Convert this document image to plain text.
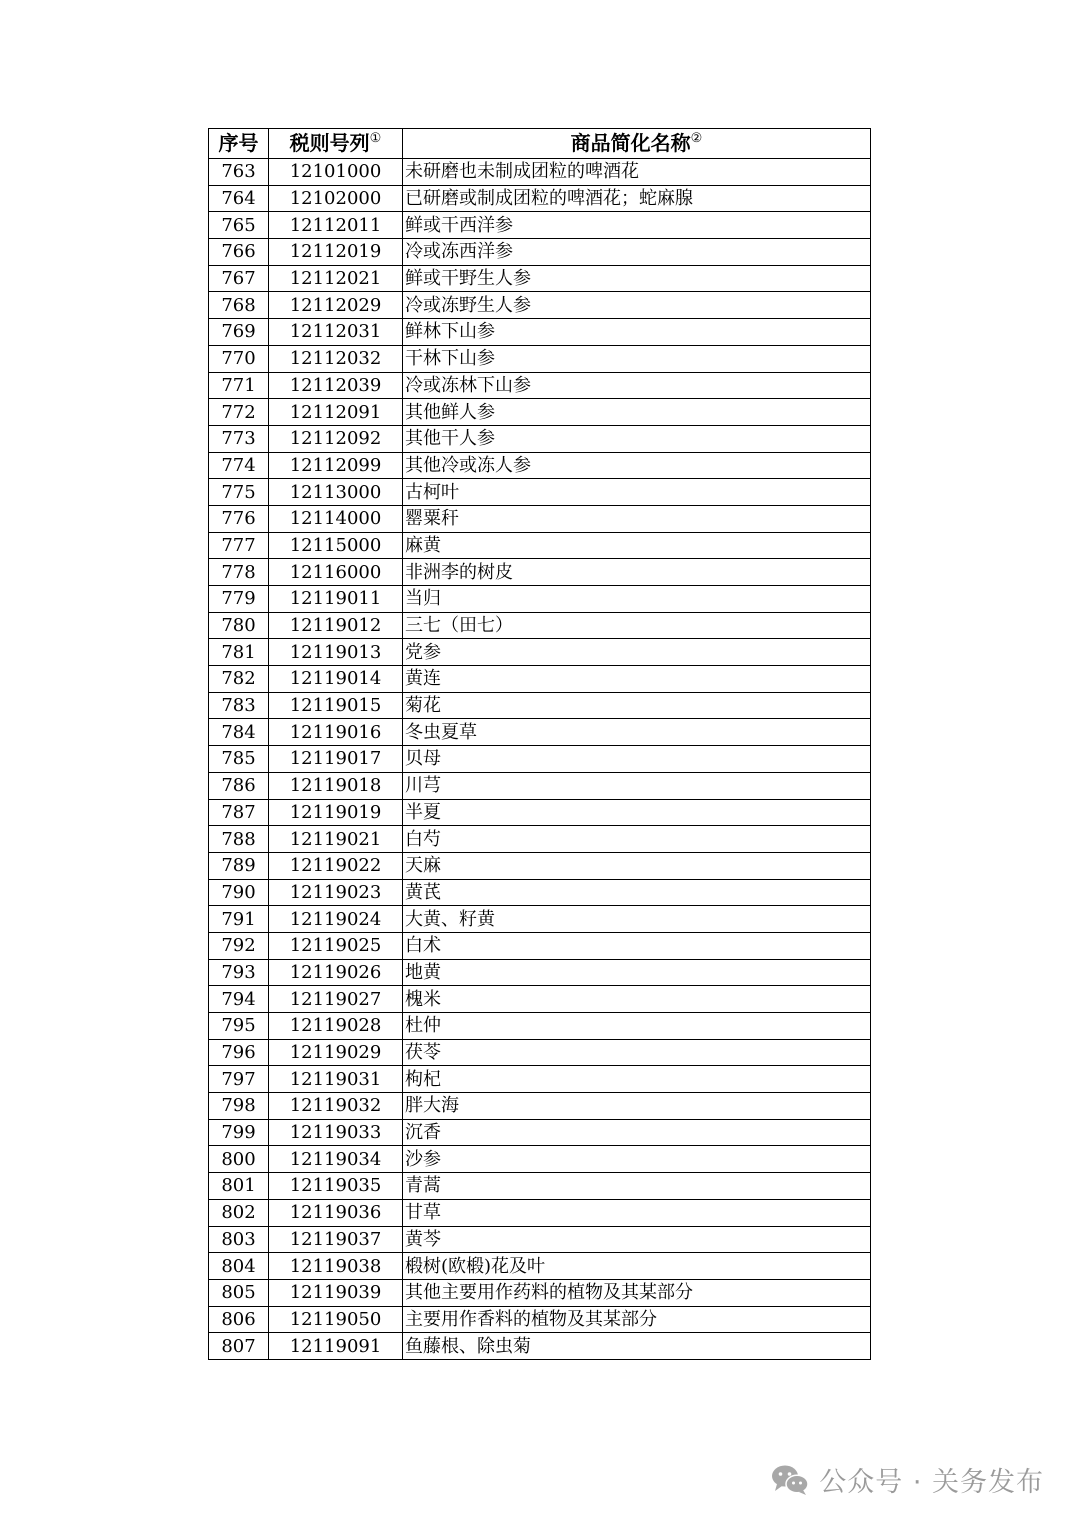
序号	税则号列①	商品简化名称②
763	12101000	未研磨也未制成团粒的啤酒花
764	12102000	已研磨或制成团粒的啤酒花；蛇麻腺
765	12112011	鲜或干西洋参
766	12112019	冷或冻西洋参
767	12112021	鲜或干野生人参
768	12112029	冷或冻野生人参
769	12112031	鲜林下山参
770	12112032	干林下山参
771	12112039	冷或冻林下山参
772	12112091	其他鲜人参
773	12112092	其他干人参
774	12112099	其他冷或冻人参
775	12113000	古柯叶
776	12114000	罂粟秆
777	12115000	麻黄
778	12116000	非洲李的树皮
779	12119011	当归
780	12119012	三七（田七）
781	12119013	党参
782	12119014	黄连
783	12119015	菊花
784	12119016	冬虫夏草
785	12119017	贝母
786	12119018	川芎
787	12119019	半夏
788	12119021	白芍
789	12119022	天麻
790	12119023	黄芪
791	12119024	大黄、籽黄
792	12119025	白术
793	12119026	地黄
794	12119027	槐米
795	12119028	杜仲
796	12119029	茯苓
797	12119031	枸杞
798	12119032	胖大海
799	12119033	沉香
800	12119034	沙参
801	12119035	青蒿
802	12119036	甘草
803	12119037	黄芩
804	12119038	椴树(欧椴)花及叶
805	12119039	其他主要用作药料的植物及其某部分
806	12119050	主要用作香料的植物及其某部分
807	12119091	鱼藤根、除虫菊
公众号 · 关务发布
